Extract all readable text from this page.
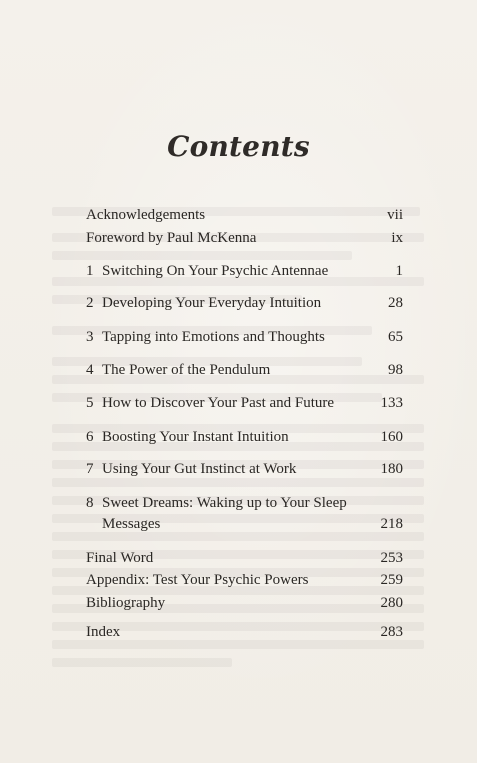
Contents
Acknowledgements	vii
Foreword by Paul McKenna	ix
1 Switching On Your Psychic Antennae	1
2 Developing Your Everyday Intuition	28
3 Tapping into Emotions and Thoughts	65
4 The Power of the Pendulum	98
5 How to Discover Your Past and Future	133
6 Boosting Your Instant Intuition	160
7 Using Your Gut Instinct at Work	180
8 Sweet Dreams: Waking up to Your Sleep
Messages	218
Final Word	253
Appendix: Test Your Psychic Powers	259
Bibliography	280
Index	283
